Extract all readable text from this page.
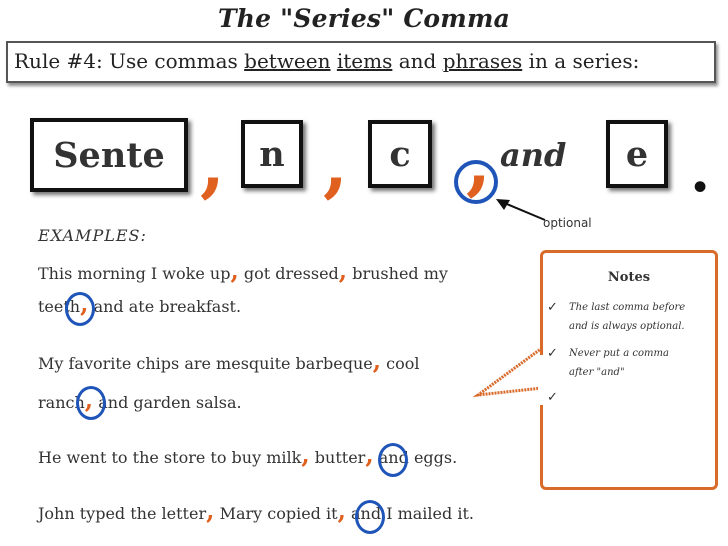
The "Series" Comma
Rule #4: Use commas between items and phrases in a series:
Sente , n , c , and e .
optional
EXAMPLES:
This morning I woke up, got dressed, brushed my
teeth, and ate breakfast.
My favorite chips are mesquite barbeque, cool
ranch, and garden salsa.
He went to the store to buy milk, butter, and eggs.
John typed the letter, Mary copied it, and I mailed it.
Notes
✓ The last comma before
and is always optional.
✓ Never put a comma
after "and"
✓
